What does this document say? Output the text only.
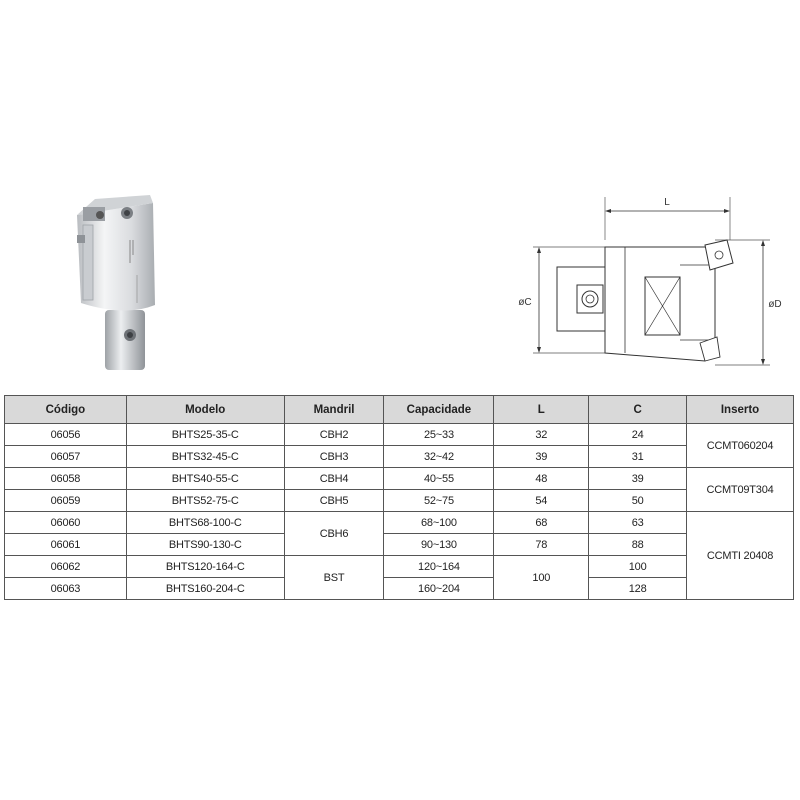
L
øC	øD
Código	Modelo	Mandril	Capacidade	L	C	Inserto
06056	BHTS25-35-C	CBH2	25~33	32	24	CCMT060204
06057	BHTS32-45-C	CBH3	32~42	39	31	
06058	BHTS40-55-C	CBH4	40~55	48	39	CCMT09T304
06059	BHTS52-75-C	CBH5	52~75	54	50	
06060	BHTS68-100-C	CBH6	68~100	68	63	CCMTI 20408
06061	BHTS90-130-C		90~130	78	88	
06062	BHTS120-164-C	BST	120~164	100	100	
06063	BHTS160-204-C		160~204		128	
